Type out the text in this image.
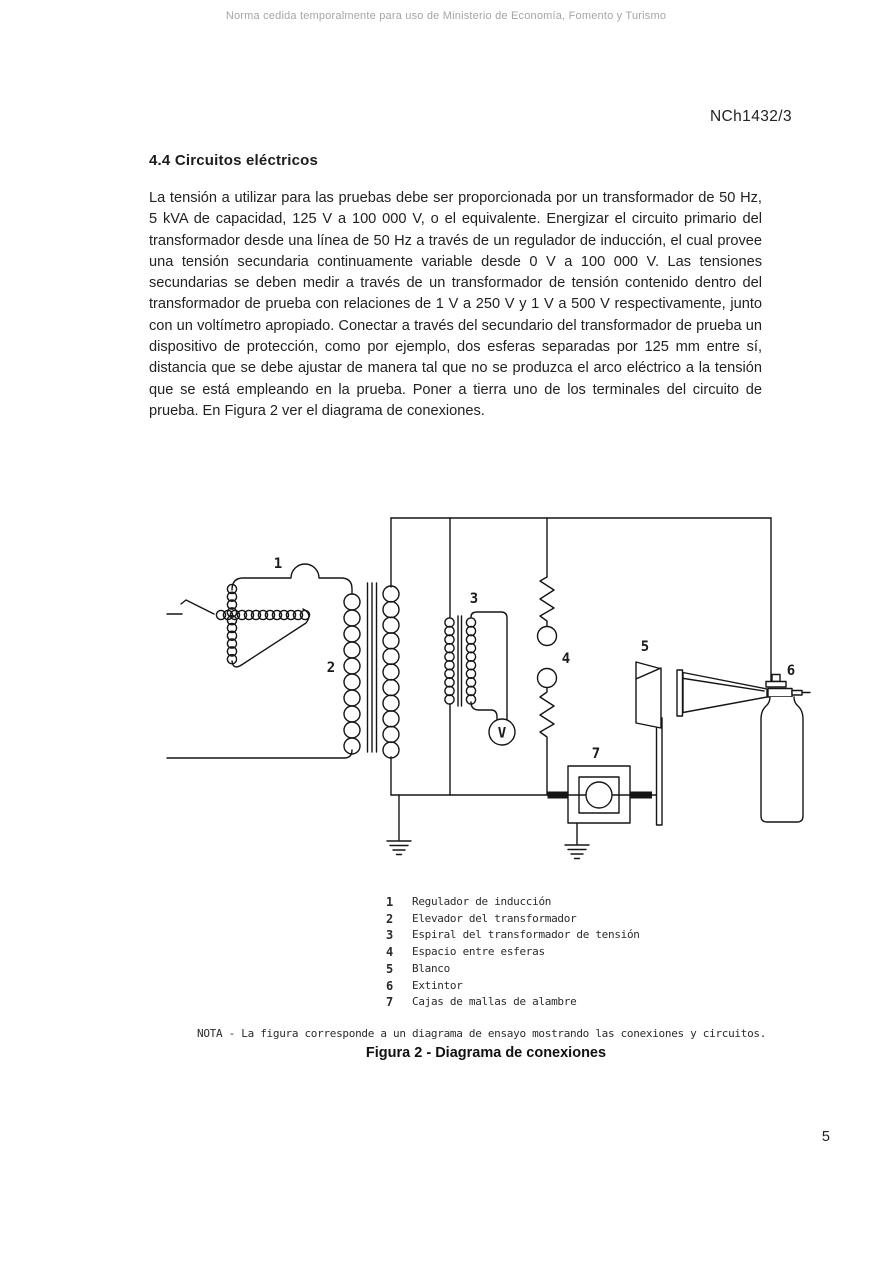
Norma cedida temporalmente para uso de Ministerio de Economía, Fomento y Turismo
NCh1432/3
4.4 Circuitos eléctricos
La tensión a utilizar para las pruebas debe ser proporcionada por un transformador de 50 Hz, 5 kVA de capacidad, 125 V a 100 000 V, o el equivalente. Energizar el circuito primario del transformador desde una línea de 50 Hz a través de un regulador de inducción, el cual provee una tensión secundaria continuamente variable desde 0 V a 100 000 V. Las tensiones secundarias se deben medir a través de un transformador de tensión contenido dentro del transformador de prueba con relaciones de 1 V a 250 V y 1 V a 500 V respectivamente, junto con un voltímetro apropiado. Conectar a través del secundario del transformador de prueba un dispositivo de protección, como por ejemplo, dos esferas separadas por 125 mm entre sí, distancia que se debe ajustar de manera tal que no se produzca el arco eléctrico a la tensión que se está empleando en la prueba. Poner a tierra uno de los terminales del circuito de prueba. En Figura 2 ver el diagrama de conexiones.
V
1
2
3
4
5
6
7
1	Regulador de inducción
2	Elevador del transformador
3	Espiral del transformador de tensión
4	Espacio entre esferas
5	Blanco
6	Extintor
7	Cajas de mallas de alambre
NOTA - La figura corresponde a un diagrama de ensayo mostrando las conexiones y circuitos.
Figura 2 - Diagrama de conexiones
5
